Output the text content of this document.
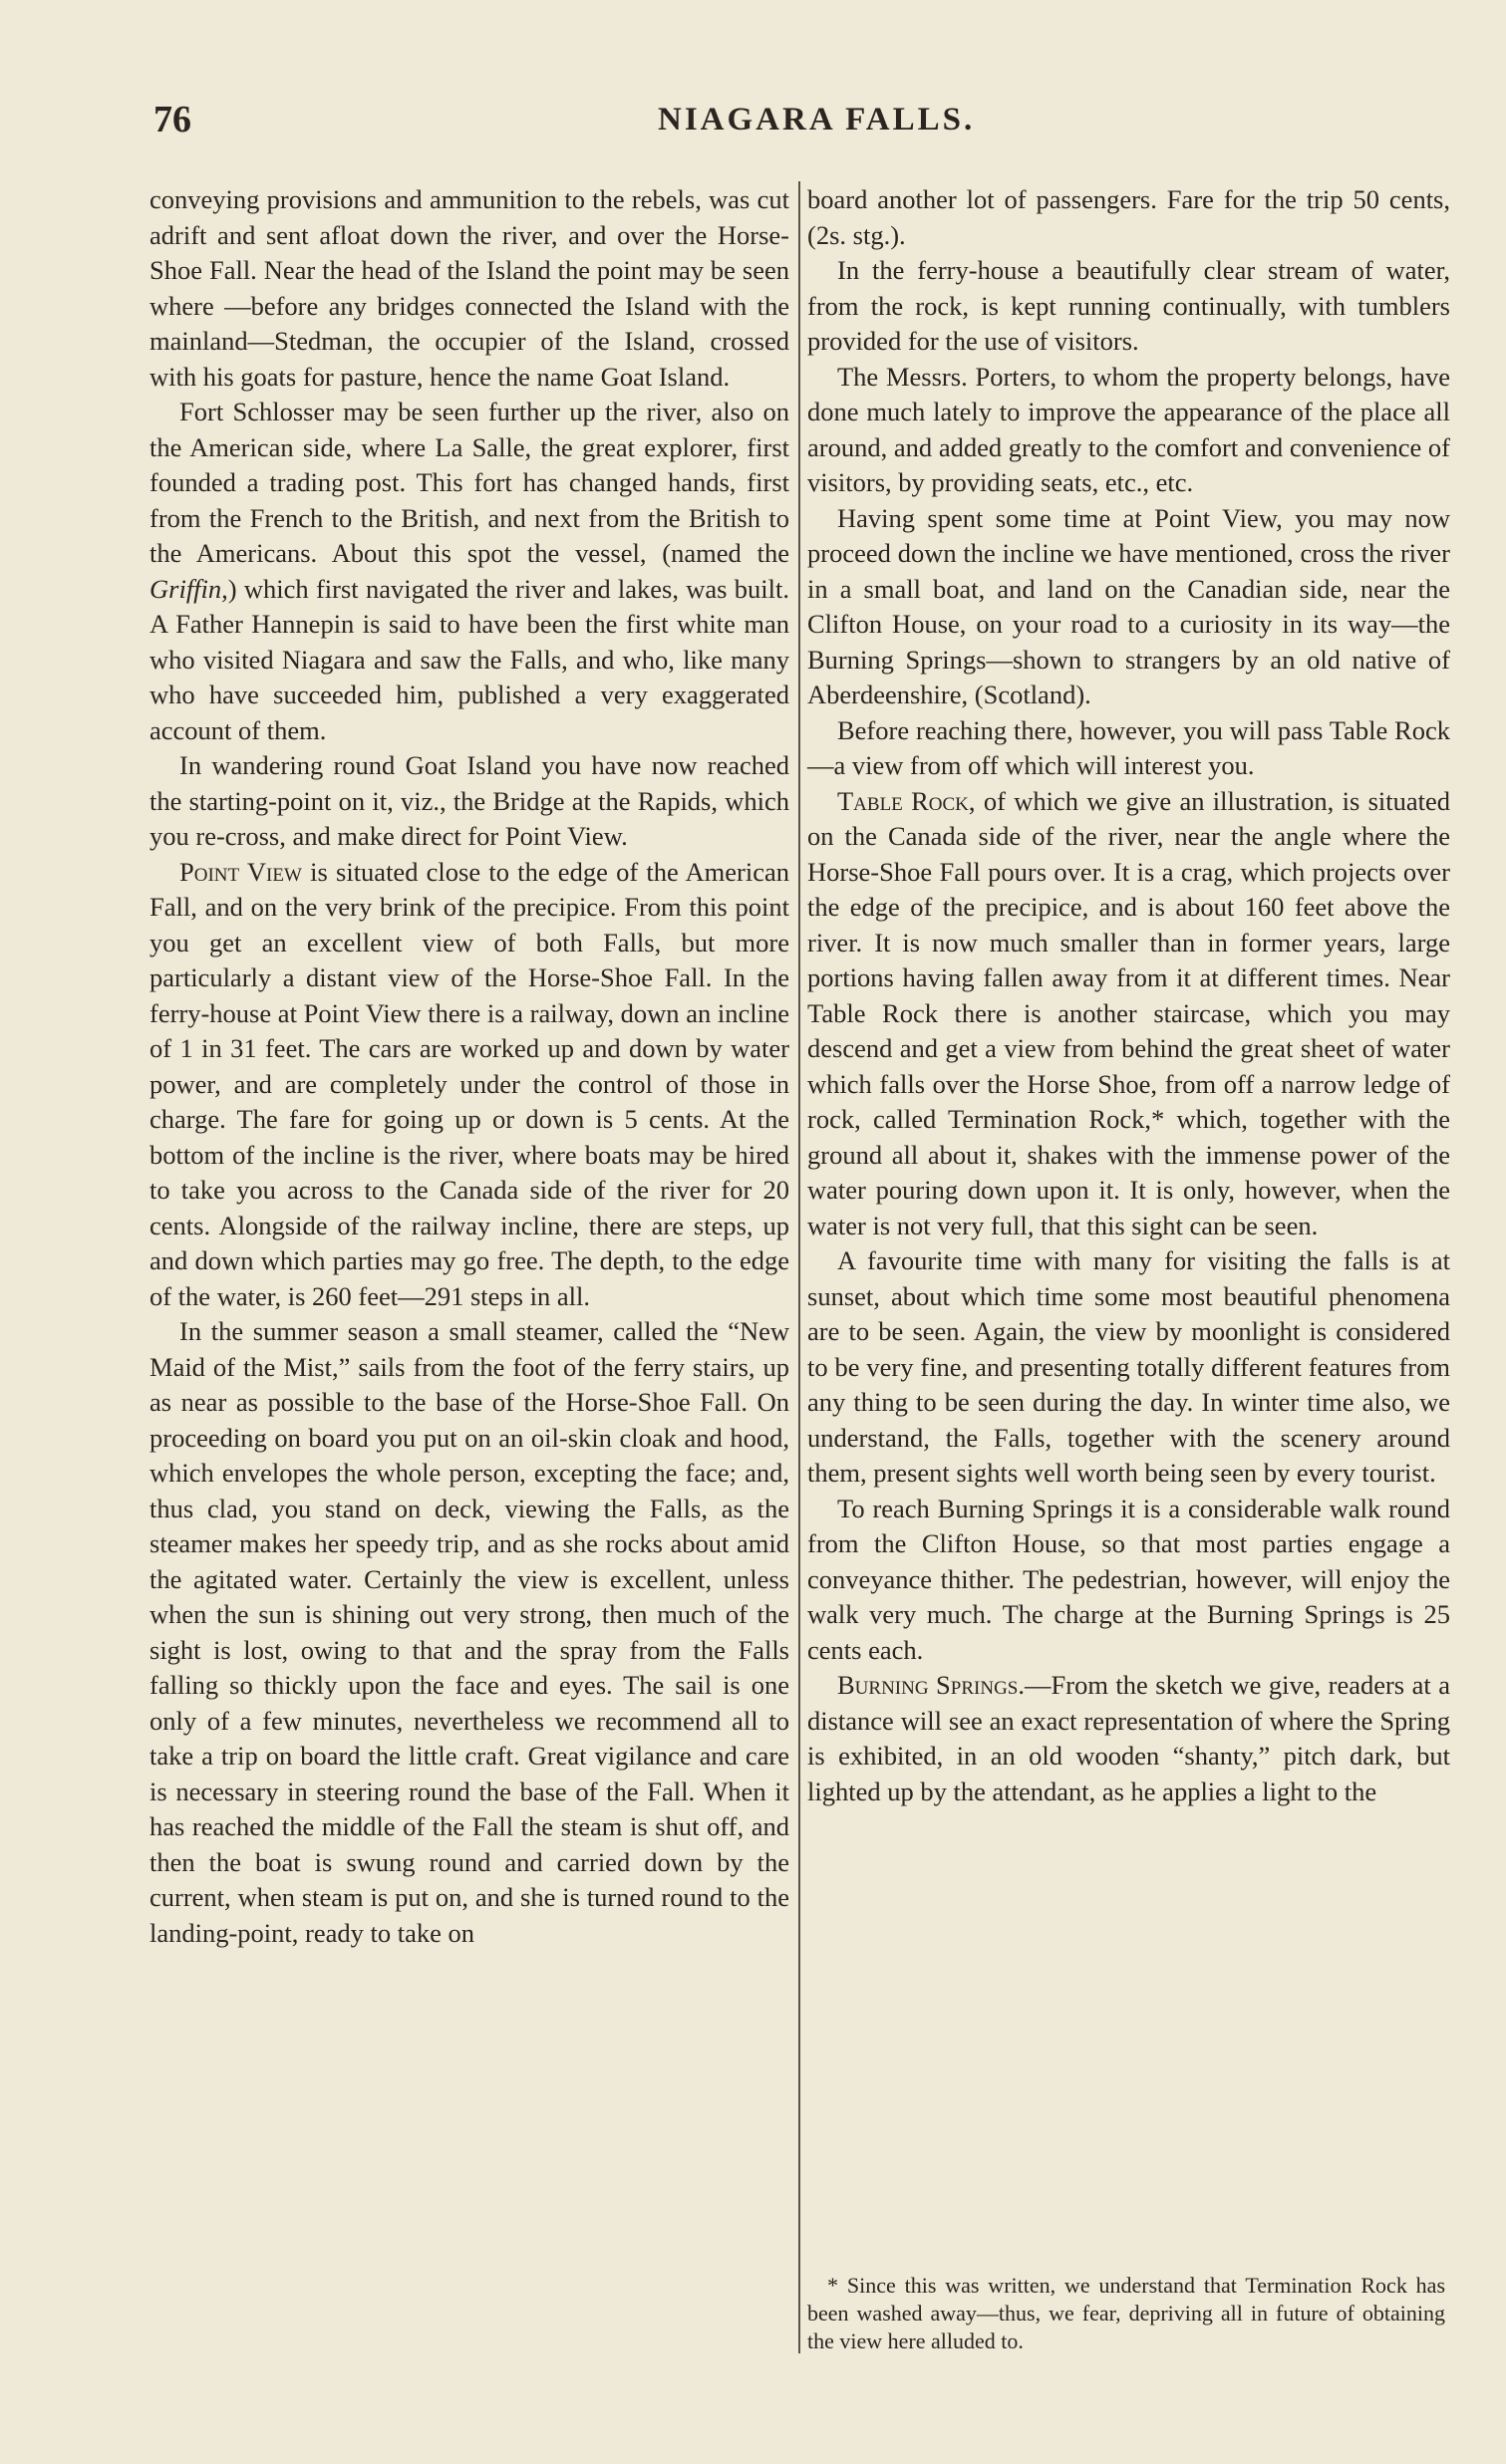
76	NIAGARA FALLS.

conveying provisions and ammunition to the rebels, was cut adrift and sent afloat down the river, and over the Horse-Shoe Fall. Near the head of the Island the point may be seen where —before any bridges connected the Island with the mainland—Stedman, the occupier of the Island, crossed with his goats for pasture, hence the name Goat Island.

Fort Schlosser may be seen further up the river, also on the American side, where La Salle, the great explorer, first founded a trading post. This fort has changed hands, first from the French to the British, and next from the British to the Americans. About this spot the vessel, (named the Griffin,) which first navigated the river and lakes, was built. A Father Hannepin is said to have been the first white man who visited Niagara and saw the Falls, and who, like many who have succeeded him, published a very exaggerated account of them.

In wandering round Goat Island you have now reached the starting-point on it, viz., the Bridge at the Rapids, which you re-cross, and make direct for Point View.

Point View is situated close to the edge of the American Fall, and on the very brink of the precipice. From this point you get an excellent view of both Falls, but more particularly a distant view of the Horse-Shoe Fall. In the ferry-house at Point View there is a railway, down an incline of 1 in 31 feet. The cars are worked up and down by water power, and are completely under the control of those in charge. The fare for going up or down is 5 cents. At the bottom of the incline is the river, where boats may be hired to take you across to the Canada side of the river for 20 cents. Alongside of the railway incline, there are steps, up and down which parties may go free. The depth, to the edge of the water, is 260 feet—291 steps in all.

In the summer season a small steamer, called the “New Maid of the Mist,” sails from the foot of the ferry stairs, up as near as possible to the base of the Horse-Shoe Fall. On proceeding on board you put on an oil-skin cloak and hood, which envelopes the whole person, excepting the face; and, thus clad, you stand on deck, viewing the Falls, as the steamer makes her speedy trip, and as she rocks about amid the agitated water. Certainly the view is excellent, unless when the sun is shining out very strong, then much of the sight is lost, owing to that and the spray from the Falls falling so thickly upon the face and eyes. The sail is one only of a few minutes, nevertheless we recommend all to take a trip on board the little craft. Great vigilance and care is necessary in steering round the base of the Fall. When it has reached the middle of the Fall the steam is shut off, and then the boat is swung round and carried down by the current, when steam is put on, and she is turned round to the landing-point, ready to take on

board another lot of passengers. Fare for the trip 50 cents, (2s. stg.).

In the ferry-house a beautifully clear stream of water, from the rock, is kept running continually, with tumblers provided for the use of visitors.

The Messrs. Porters, to whom the property belongs, have done much lately to improve the appearance of the place all around, and added greatly to the comfort and convenience of visitors, by providing seats, etc., etc.

Having spent some time at Point View, you may now proceed down the incline we have mentioned, cross the river in a small boat, and land on the Canadian side, near the Clifton House, on your road to a curiosity in its way—the Burning Springs—shown to strangers by an old native of Aberdeenshire, (Scotland).

Before reaching there, however, you will pass Table Rock—a view from off which will interest you.

Table Rock, of which we give an illustration, is situated on the Canada side of the river, near the angle where the Horse-Shoe Fall pours over. It is a crag, which projects over the edge of the precipice, and is about 160 feet above the river. It is now much smaller than in former years, large portions having fallen away from it at different times. Near Table Rock there is another staircase, which you may descend and get a view from behind the great sheet of water which falls over the Horse Shoe, from off a narrow ledge of rock, called Termination Rock,* which, together with the ground all about it, shakes with the immense power of the water pouring down upon it. It is only, however, when the water is not very full, that this sight can be seen.

A favourite time with many for visiting the falls is at sunset, about which time some most beautiful phenomena are to be seen. Again, the view by moonlight is considered to be very fine, and presenting totally different features from any thing to be seen during the day. In winter time also, we understand, the Falls, together with the scenery around them, present sights well worth being seen by every tourist.

To reach Burning Springs it is a considerable walk round from the Clifton House, so that most parties engage a conveyance thither. The pedestrian, however, will enjoy the walk very much. The charge at the Burning Springs is 25 cents each.

Burning Springs.—From the sketch we give, readers at a distance will see an exact representation of where the Spring is exhibited, in an old wooden “shanty,” pitch dark, but lighted up by the attendant, as he applies a light to the

* Since this was written, we understand that Termination Rock has been washed away—thus, we fear, depriving all in future of obtaining the view here alluded to.
